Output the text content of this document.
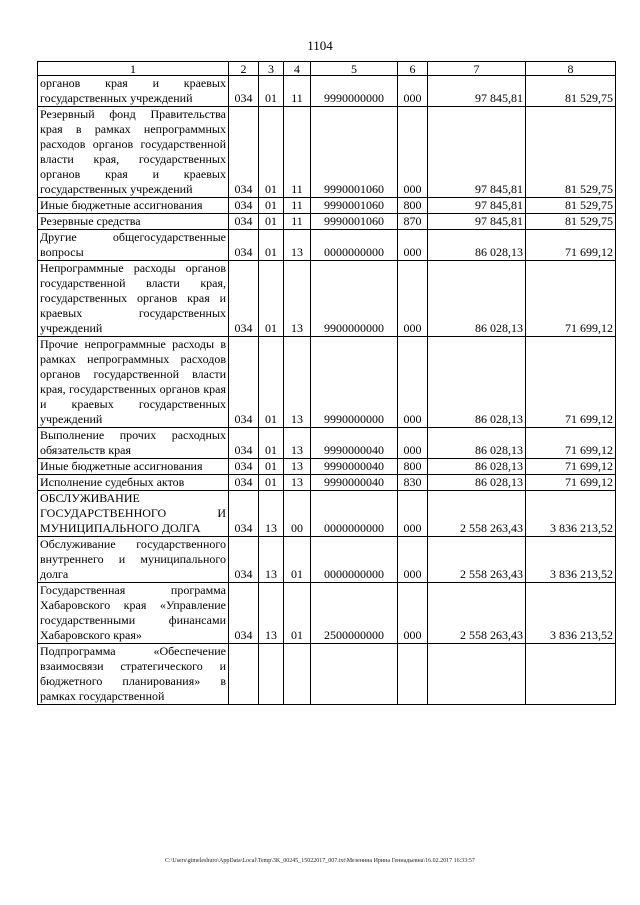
1104
1	2	3	4	5	6	7	8
органов края и краевых государственных учреждений	034	01	11	9990000000	000	97 845,81	81 529,75
Резервный фонд Правительства края в рамках непрограммных расходов органов государственной власти края, государственных органов края и краевых государственных учреждений	034	01	11	9990001060	000	97 845,81	81 529,75
Иные бюджетные ассигнования	034	01	11	9990001060	800	97 845,81	81 529,75
Резервные средства	034	01	11	9990001060	870	97 845,81	81 529,75
Другие общегосударственные вопросы	034	01	13	0000000000	000	86 028,13	71 699,12
Непрограммные расходы органов государственной власти края, государственных органов края и краевых государственных учреждений	034	01	13	9900000000	000	86 028,13	71 699,12
Прочие непрограммные расходы в рамках непрограммных расходов органов государственной власти края, государственных органов края и краевых государственных учреждений	034	01	13	9990000000	000	86 028,13	71 699,12
Выполнение прочих расходных обязательств края	034	01	13	9990000040	000	86 028,13	71 699,12
Иные бюджетные ассигнования	034	01	13	9990000040	800	86 028,13	71 699,12
Исполнение судебных актов	034	01	13	9990000040	830	86 028,13	71 699,12
ОБСЛУЖИВАНИЕ ГОСУДАРСТВЕННОГО И МУНИЦИПАЛЬНОГО ДОЛГА	034	13	00	0000000000	000	2 558 263,43	3 836 213,52
Обслуживание государственного внутреннего и муниципального долга	034	13	01	0000000000	000	2 558 263,43	3 836 213,52
Государственная программа Хабаровского края «Управление государственными финансами Хабаровского края»	034	13	01	2500000000	000	2 558 263,43	3 836 213,52
Подпрограмма «Обеспечение взаимосвязи стратегического и бюджетного планирования» в рамках государственной							
C:\Users\gimeleshuro\AppData\Local\Temp\3K_00245_15022017_007.txt\Мезенина Ирина Геннадьевна\16.02.2017 16:33:57
